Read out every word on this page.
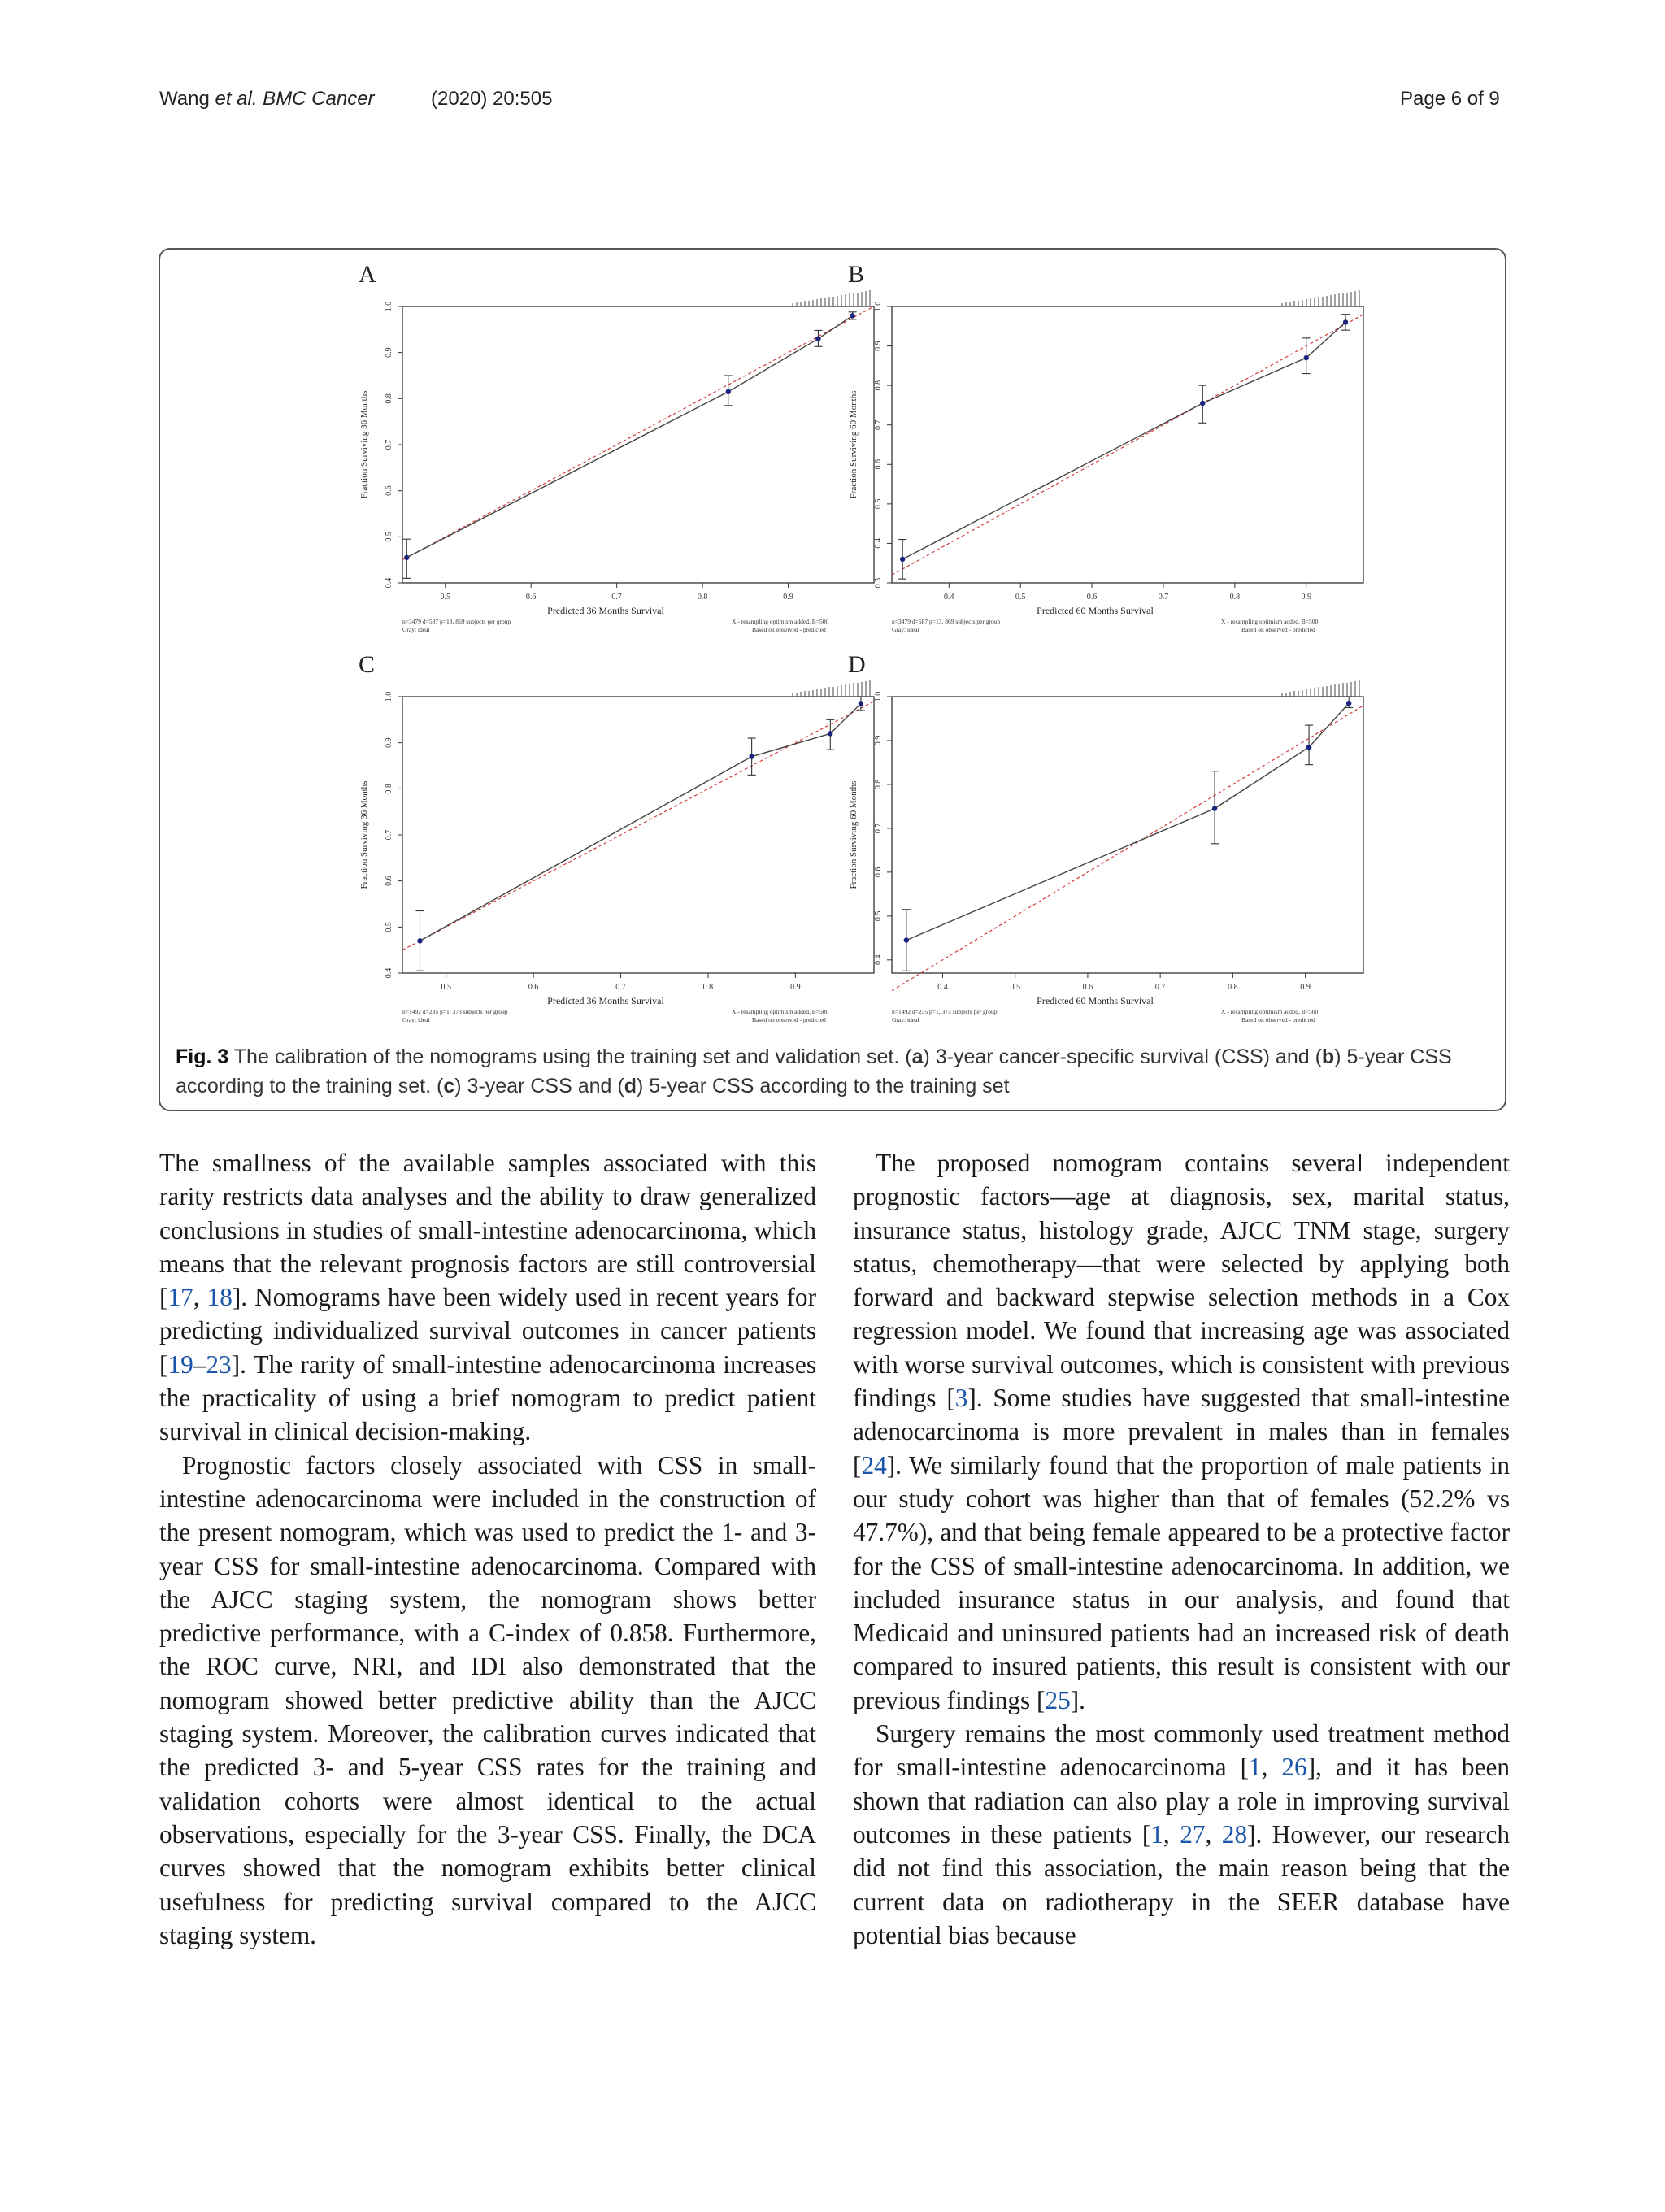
Wang et al. BMC Cancer	(2020) 20:505	Page 6 of 9
A
0.4
0.5
0.6
0.7
0.8
0.9
1.0
0.5	0.6	0.7	0.8	0.9
Fraction Surviving 36 Months
Predicted 36 Months Survival
n=3479 d=587 p=13, 869 subjects per group
Gray: ideal
X - resampling optimism added, B=500
Based on observed - predicted
B
0.3
0.4
0.5
0.6
0.7
0.8
0.9
1.0
0.4	0.5	0.6	0.7	0.8	0.9
Fraction Surviving 60 Months
Predicted 60 Months Survival
n=3479 d=587 p=13, 869 subjects per group
Gray: ideal
X - resampling optimism added, B=500
Based on observed - predicted
C
0.4
0.5
0.6
0.7
0.8
0.9
1.0
0.5	0.6	0.7	0.8	0.9
Fraction Surviving 36 Months
Predicted 36 Months Survival
n=1492 d=235 p=1, 373 subjects per group
Gray: ideal
X - resampling optimism added, B=500
Based on observed - predicted
D
0.4
0.5
0.6
0.7
0.8
0.9
1.0
0.4	0.5	0.6	0.7	0.8	0.9
Fraction Surviving 60 Months
Predicted 60 Months Survival
n=1492 d=235 p=1, 373 subjects per group
Gray: ideal
X - resampling optimism added, B=500
Based on observed - predicted
Fig. 3 The calibration of the nomograms using the training set and validation set. (a) 3-year cancer-specific survival (CSS) and (b) 5-year CSS according to the training set. (c) 3-year CSS and (d) 5-year CSS according to the training set

The smallness of the available samples associated with this rarity restricts data analyses and the ability to draw generalized conclusions in studies of small-intestine adenocarcinoma, which means that the relevant prognosis factors are still controversial [17, 18]. Nomograms have been widely used in recent years for predicting individualized survival outcomes in cancer patients [19–23]. The rarity of small-intestine adenocarcinoma increases the practicality of using a brief nomogram to predict patient survival in clinical decision-making.

Prognostic factors closely associated with CSS in small-intestine adenocarcinoma were included in the construction of the present nomogram, which was used to predict the 1- and 3-year CSS for small-intestine adenocarcinoma. Compared with the AJCC staging system, the nomogram shows better predictive performance, with a C-index of 0.858. Furthermore, the ROC curve, NRI, and IDI also demonstrated that the nomogram showed better predictive ability than the AJCC staging system. Moreover, the calibration curves indicated that the predicted 3- and 5-year CSS rates for the training and validation cohorts were almost identical to the actual observations, especially for the 3-year CSS. Finally, the DCA curves showed that the nomogram exhibits better clinical usefulness for predicting survival compared to the AJCC staging system.

The proposed nomogram contains several independent prognostic factors—age at diagnosis, sex, marital status, insurance status, histology grade, AJCC TNM stage, surgery status, chemotherapy—that were selected by applying both forward and backward stepwise selection methods in a Cox regression model. We found that increasing age was associated with worse survival outcomes, which is consistent with previous findings [3]. Some studies have suggested that small-intestine adenocarcinoma is more prevalent in males than in females [24]. We similarly found that the proportion of male patients in our study cohort was higher than that of females (52.2% vs 47.7%), and that being female appeared to be a protective factor for the CSS of small-intestine adenocarcinoma. In addition, we included insurance status in our analysis, and found that Medicaid and uninsured patients had an increased risk of death compared to insured patients, this result is consistent with our previous findings [25].

Surgery remains the most commonly used treatment method for small-intestine adenocarcinoma [1, 26], and it has been shown that radiation can also play a role in improving survival outcomes in these patients [1, 27, 28]. However, our research did not find this association, the main reason being that the current data on radiotherapy in the SEER database have potential bias because
